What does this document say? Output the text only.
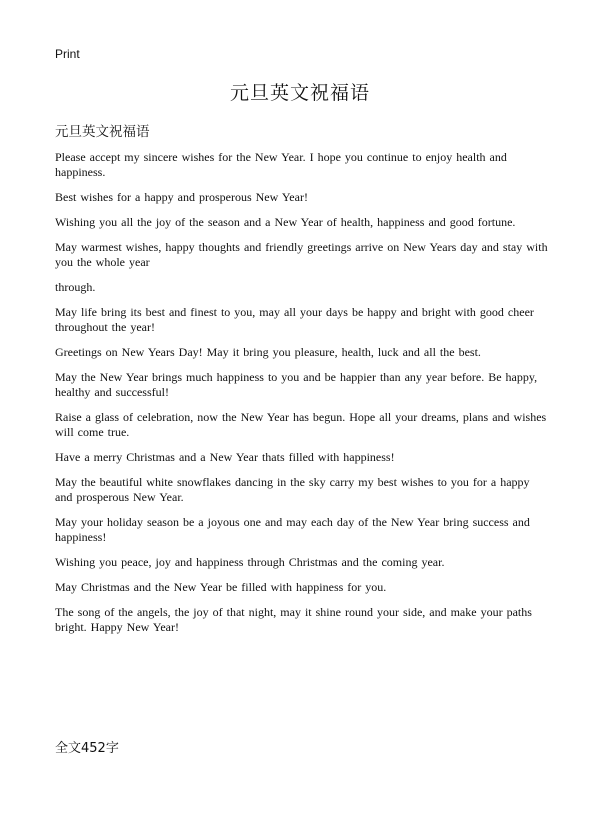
Print
元旦英文祝福语
元旦英文祝福语

Please accept my sincere wishes for the New Year. I hope you continue to enjoy health and happiness.

Best wishes for a happy and prosperous New Year!

Wishing you all the joy of the season and a New Year of health, happiness and good fortune.

May warmest wishes, happy thoughts and friendly greetings arrive on New Years day and stay with you the whole year

through.

May life bring its best and finest to you, may all your days be happy and bright with good cheer throughout the year!

Greetings on New Years Day! May it bring you pleasure, health, luck and all the best.

May the New Year brings much happiness to you and be happier than any year before. Be happy, healthy and successful!

Raise a glass of celebration, now the New Year has begun. Hope all your dreams, plans and wishes will come true.

Have a merry Christmas and a New Year thats filled with happiness!

May the beautiful white snowflakes dancing in the sky carry my best wishes to you for a happy and prosperous New Year.

May your holiday season be a joyous one and may each day of the New Year bring success and happiness!

Wishing you peace, joy and happiness through Christmas and the coming year.

May Christmas and the New Year be filled with happiness for you.

The song of the angels, the joy of that night, may it shine round your side, and make your paths bright. Happy New Year!

全文452字
